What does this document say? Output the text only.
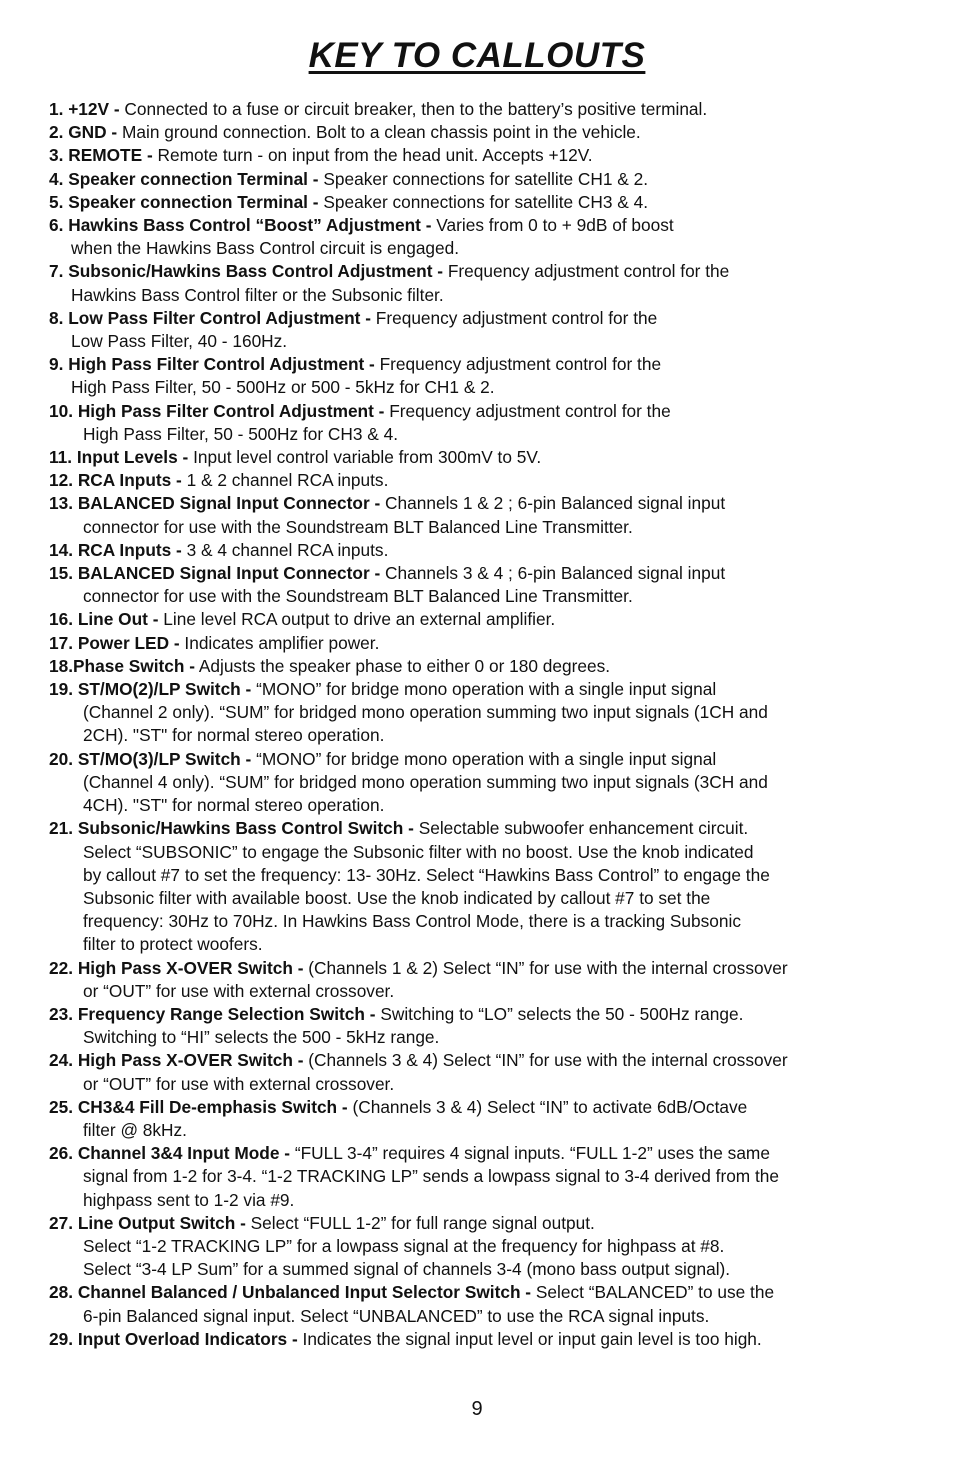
KEY TO CALLOUTS
1. +12V - Connected to a fuse or circuit breaker, then to the battery’s positive terminal.
2. GND - Main ground connection. Bolt to a clean chassis point in the vehicle.
3. REMOTE - Remote turn - on input from the head unit. Accepts +12V.
4. Speaker connection Terminal - Speaker connections for satellite CH1 & 2.
5. Speaker connection Terminal - Speaker connections for satellite CH3 & 4.
6. Hawkins Bass Control “Boost” Adjustment - Varies from 0 to + 9dB of boost
when the Hawkins Bass Control circuit is engaged.
7. Subsonic/Hawkins Bass Control Adjustment - Frequency adjustment control for the
Hawkins Bass Control filter or the Subsonic filter.
8. Low Pass Filter Control Adjustment - Frequency adjustment control for the
Low Pass Filter, 40 - 160Hz.
9. High Pass Filter Control Adjustment - Frequency adjustment control for the
High Pass Filter, 50 - 500Hz or 500 - 5kHz for CH1 & 2.
10. High Pass Filter Control Adjustment - Frequency adjustment control for the
High Pass Filter, 50 - 500Hz for CH3 & 4.
11. Input Levels - Input level control variable from 300mV to 5V.
12. RCA Inputs - 1 & 2 channel RCA inputs.
13. BALANCED Signal Input Connector - Channels 1 & 2 ; 6-pin Balanced signal input
connector for use with the Soundstream BLT Balanced Line Transmitter.
14. RCA Inputs - 3 & 4 channel RCA inputs.
15. BALANCED Signal Input Connector - Channels 3 & 4 ; 6-pin Balanced signal input
connector for use with the Soundstream BLT Balanced Line Transmitter.
16. Line Out - Line level RCA output to drive an external amplifier.
17. Power LED - Indicates amplifier power.
18.Phase Switch - Adjusts the speaker phase to either 0 or 180 degrees.
19. ST/MO(2)/LP Switch - “MONO” for bridge mono operation with a single input signal
(Channel 2 only). “SUM” for bridged mono operation summing two input signals (1CH and
2CH). "ST" for normal stereo operation.
20. ST/MO(3)/LP Switch - “MONO” for bridge mono operation with a single input signal
(Channel 4 only). “SUM” for bridged mono operation summing two input signals (3CH and
4CH). "ST" for normal stereo operation.
21. Subsonic/Hawkins Bass Control Switch - Selectable subwoofer enhancement circuit.
Select “SUBSONIC” to engage the Subsonic filter with no boost. Use the knob indicated
by callout #7 to set the frequency: 13- 30Hz. Select “Hawkins Bass Control” to engage the
Subsonic filter with available boost. Use the knob indicated by callout #7 to set the
frequency: 30Hz to 70Hz. In Hawkins Bass Control Mode, there is a tracking Subsonic
filter to protect woofers.
22. High Pass X-OVER Switch - (Channels 1 & 2) Select “IN” for use with the internal crossover
or “OUT” for use with external crossover.
23. Frequency Range Selection Switch - Switching to “LO” selects the 50 - 500Hz range.
Switching to “HI” selects the 500 - 5kHz range.
24. High Pass X-OVER Switch - (Channels 3 & 4) Select “IN” for use with the internal crossover
or “OUT” for use with external crossover.
25. CH3&4 Fill De-emphasis Switch - (Channels 3 & 4) Select “IN” to activate 6dB/Octave
filter @ 8kHz.
26. Channel 3&4 Input Mode - “FULL 3-4” requires 4 signal inputs. “FULL 1-2” uses the same
signal from 1-2 for 3-4. “1-2 TRACKING LP” sends a lowpass signal to 3-4 derived from the
highpass sent to 1-2 via #9.
27. Line Output Switch - Select “FULL 1-2” for full range signal output.
Select “1-2 TRACKING LP” for a lowpass signal at the frequency for highpass at #8.
Select “3-4 LP Sum” for a summed signal of channels 3-4 (mono bass output signal).
28. Channel Balanced / Unbalanced Input Selector Switch - Select “BALANCED” to use the
6-pin Balanced signal input. Select “UNBALANCED” to use the RCA signal inputs.
29. Input Overload Indicators - Indicates the signal input level or input gain level is too high.
9
